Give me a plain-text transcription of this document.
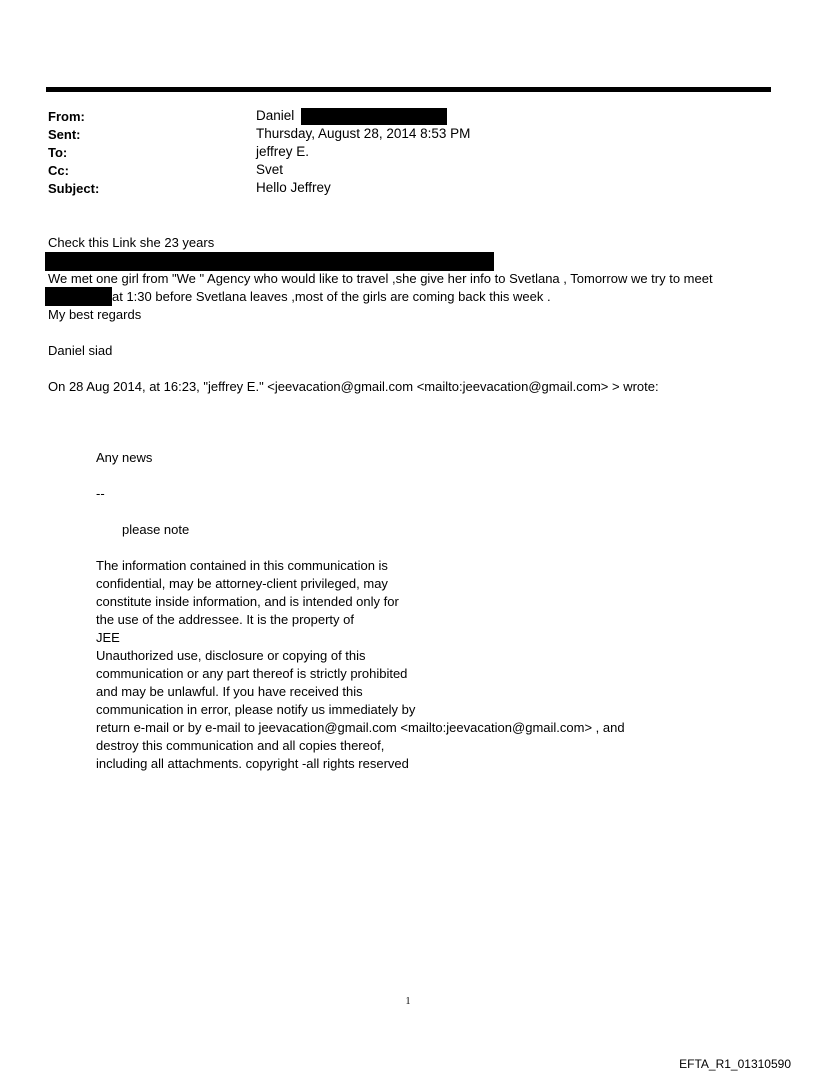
From:	Daniel
Sent:	Thursday, August 28, 2014 8:53 PM
To:	jeffrey E.
Cc:	Svet
Subject:	Hello Jeffrey
Check this Link she 23 years
We met one girl from "We " Agency who would like to travel ,she give her info to Svetlana , Tomorrow we try to meet
at 1:30 before Svetlana leaves ,most of the girls are coming back this week .
My best regards
Daniel siad
On 28 Aug 2014, at 16:23, "jeffrey E." <jeevacation@gmail.com <mailto:jeevacation@gmail.com> > wrote:
Any news
--
please note
The information contained in this communication is
confidential, may be attorney-client privileged, may
constitute inside information, and is intended only for
the use of the addressee. It is the property of
JEE
Unauthorized use, disclosure or copying of this
communication or any part thereof is strictly prohibited
and may be unlawful. If you have received this
communication in error, please notify us immediately by
return e-mail or by e-mail to jeevacation@gmail.com <mailto:jeevacation@gmail.com> , and
destroy this communication and all copies thereof,
including all attachments. copyright -all rights reserved
1
EFTA_R1_01310590
